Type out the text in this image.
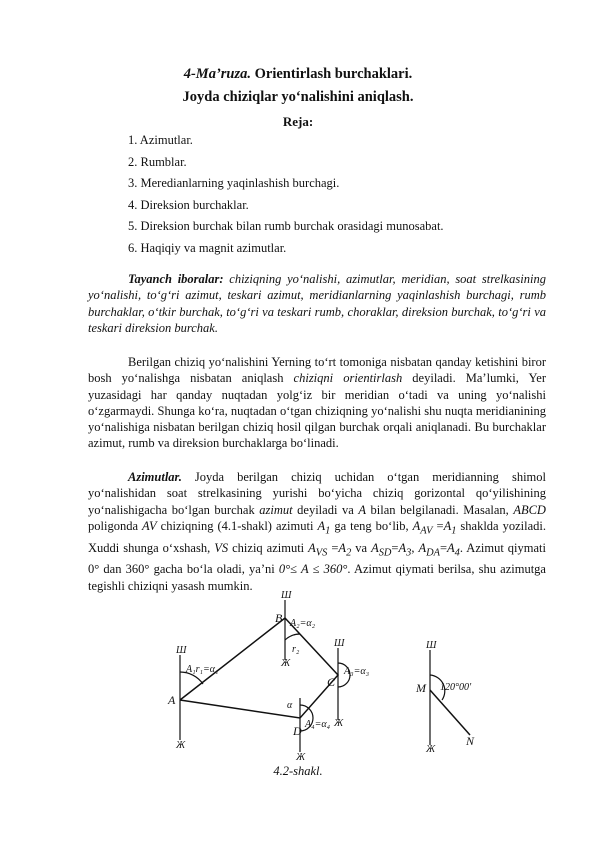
4-Ma’ruza. Orientirlash burchaklari.
Joyda chiziqlar yo‘nalishini aniqlash.
Reja:
1. Azimutlar.
2. Rumblar.
3. Meredianlarning yaqinlashish burchagi.
4. Direksion burchaklar.
5. Direksion burchak bilan rumb burchak orasidagi munosabat.
6. Haqiqiy va magnit azimutlar.
Tayanch iboralar: chiziqning yo‘nalishi, azimutlar, meridian, soat strelkasining yo‘nalishi, to‘g‘ri azimut, teskari azimut, meridianlarning yaqinlashish burchagi, rumb burchaklar, o‘tkir burchak, to‘g‘ri va teskari rumb, choraklar, direksion burchak, to‘g‘ri va teskari direksion burchak.
Berilgan chiziq yo‘nalishini Yerning to‘rt tomoniga nisbatan qanday ketishini biror bosh yo‘nalishga nisbatan aniqlash chiziqni orientirlash deyiladi. Ma’lumki, Yer yuzasidagi har qanday nuqtadan yolg‘iz bir meridian o‘tadi va uning yo‘nalishi o‘zgarmaydi. Shunga ko‘ra, nuqtadan o‘tgan chiziqning yo‘nalishi shu nuqta meridianining yo‘nalishiga nisbatan berilgan chiziq hosil qilgan burchak orqali aniqlanadi. Bu burchaklar azimut, rumb va direksion burchaklarga bo‘linadi.
Azimutlar. Joyda berilgan chiziq uchidan o‘tgan meridianning shimol yo‘nalishidan soat strelkasining yurishi bo‘yicha chiziq gorizontal qo‘yilishining yo‘nalishigacha bo‘lgan burchak azimut deyiladi va A bilan belgilanadi. Masalan, ABCD poligonda AV chiziqning (4.1-shakl) azimuti $A_1$ ga teng bo‘lib, $A_{AV} =A_1$ shaklda yoziladi. Xuddi shunga o‘xshash, VS chiziq azimuti $A_{VS} =A_2$ va $A_{SD}=A_3$, $A_{DA}=A_4$. Azimut qiymati 0° dan 360° gacha bo‘la oladi, ya’ni 0°≤ A ≤ 360°. Azimut qiymati berilsa, shu azimutga tegishli chiziqni yasash mumkin.
Ш
Ж
Ш
Ж
Ш
Ж
Ж
Ш
Ж
A
B
C
D
M
N
A₁r₁=α₁
A₂=α₂
A₃=α₃
A₄=α₄
r₂
α
120°00′
4.2-shakl.
